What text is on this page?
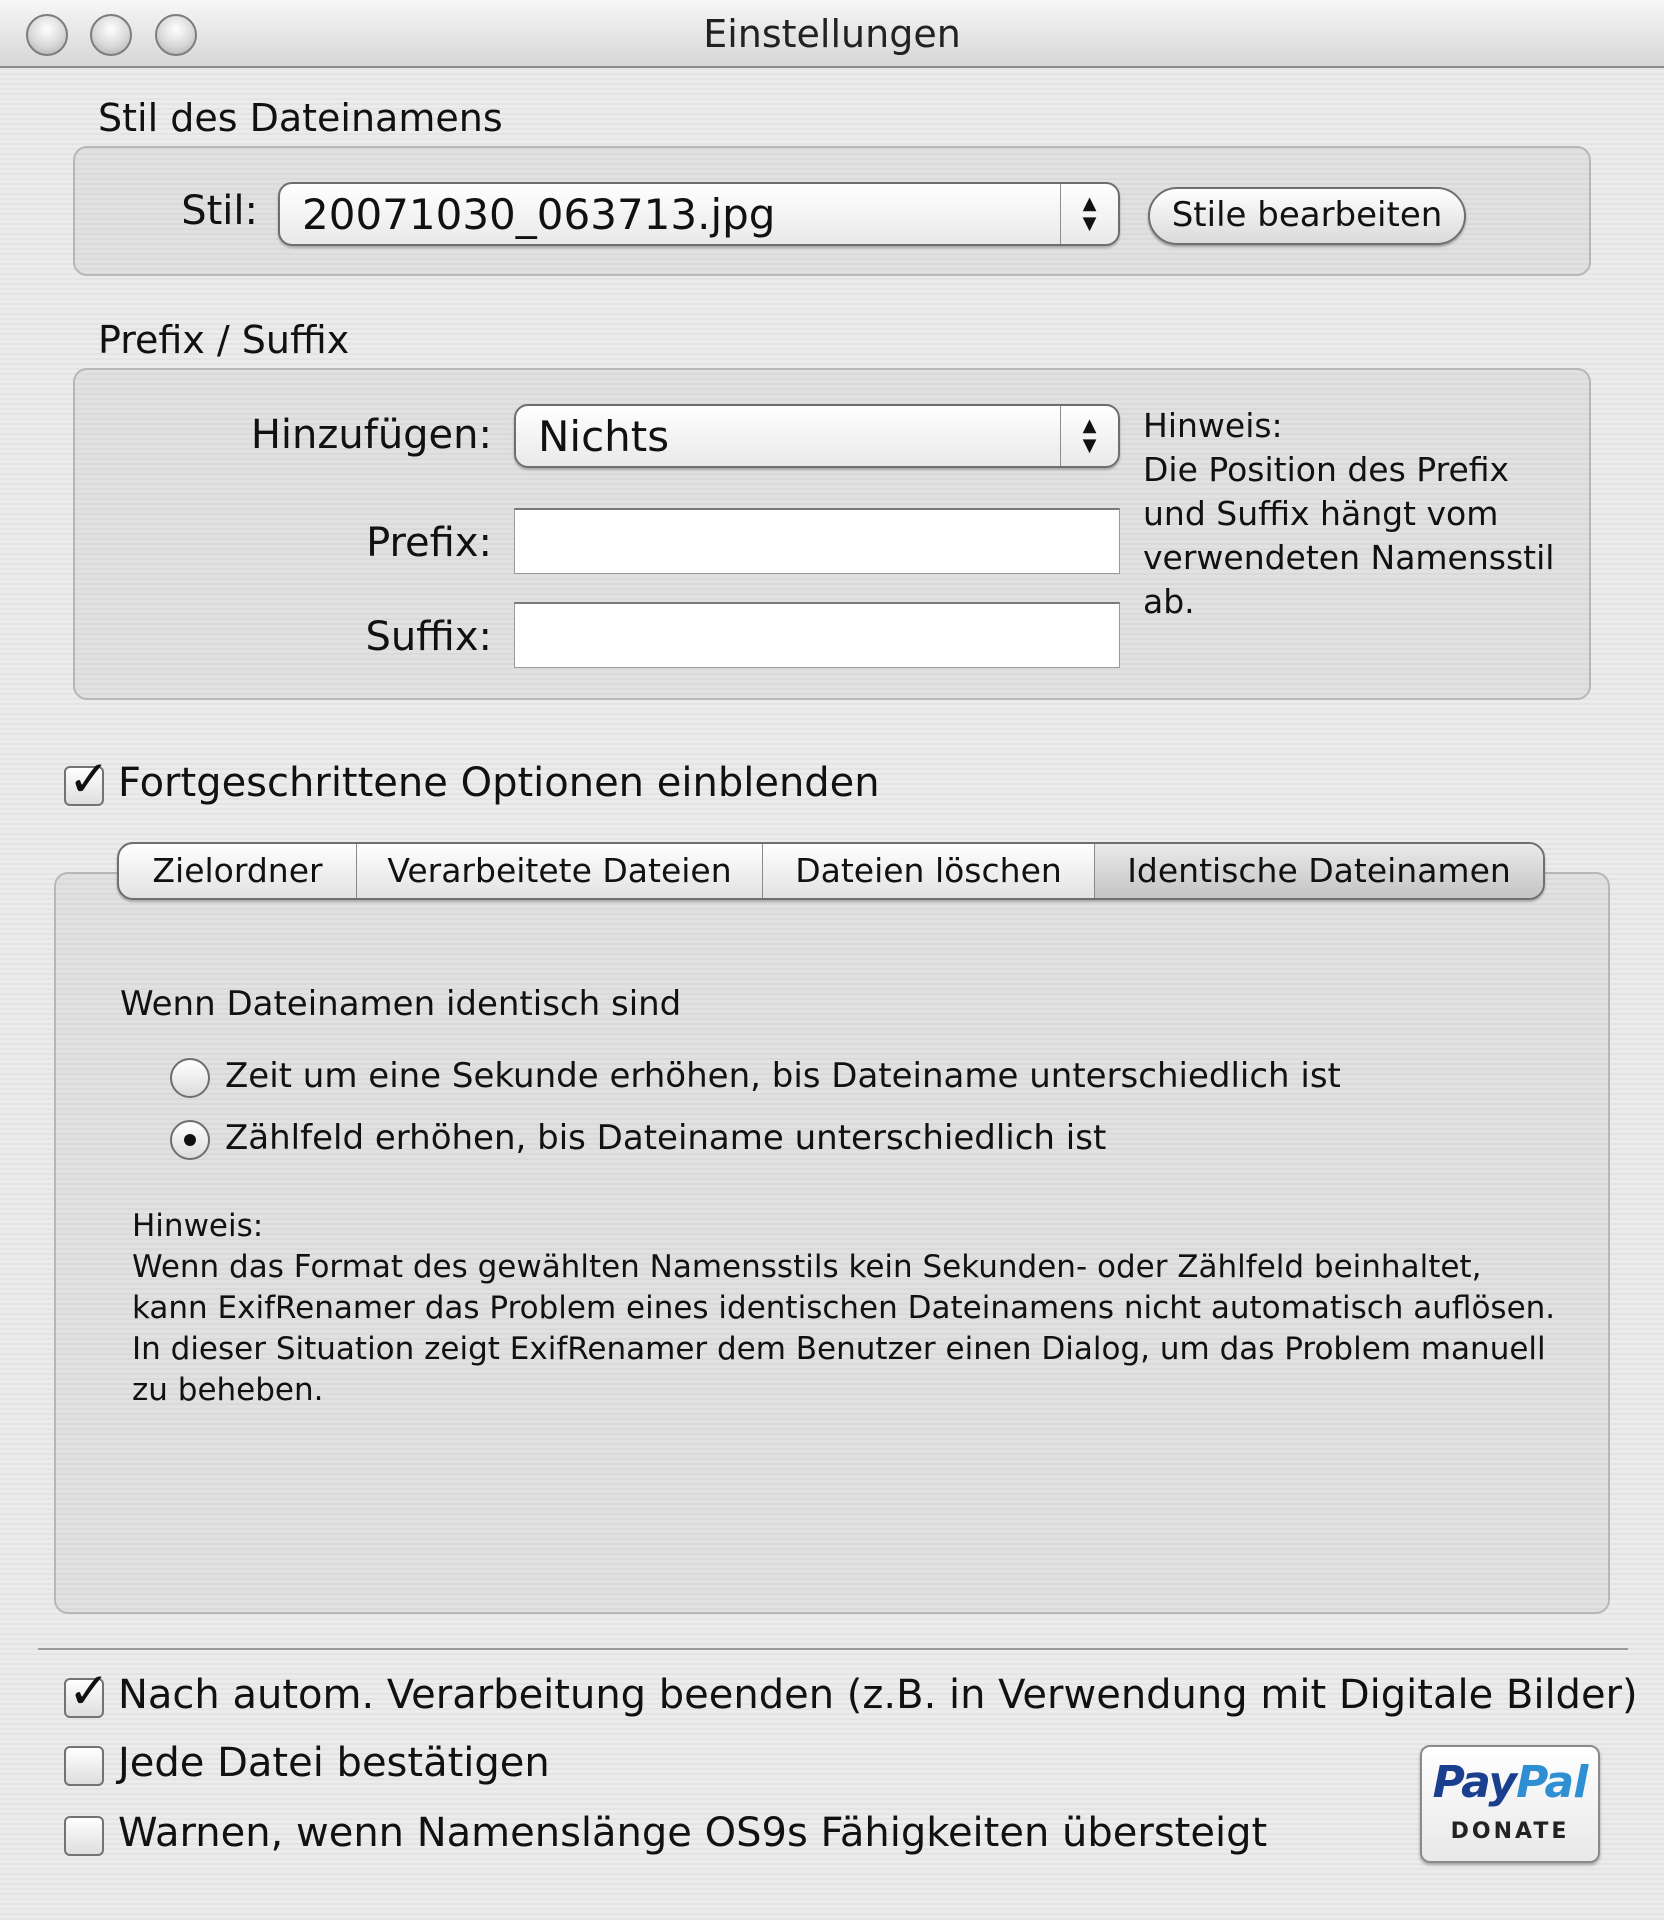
Einstellungen
Stil des Dateinamens
Stil: 20071030_063713.jpg	▲
▼	Stile bearbeiten
Prefix / Suffix
Hinzufügen: Nichts	▲
▼
Prefix:
Suffix:
Hinweis:
Die Position des Prefix
und Suffix hängt vom
verwendeten Namensstil
ab.
✓ Fortgeschrittene Optionen einblenden
Zielordner	Verarbeitete Dateien	Dateien löschen	Identische Dateinamen
Wenn Dateinamen identisch sind
Zeit um eine Sekunde erhöhen, bis Dateiname unterschiedlich ist
Zählfeld erhöhen, bis Dateiname unterschiedlich ist
Hinweis:
Wenn das Format des gewählten Namensstils kein Sekunden- oder Zählfeld beinhaltet,
kann ExifRenamer das Problem eines identischen Dateinamens nicht automatisch auflösen.
In dieser Situation zeigt ExifRenamer dem Benutzer einen Dialog, um das Problem manuell
zu beheben.
✓ Nach autom. Verarbeitung beenden (z.B. in Verwendung mit Digitale Bilder)
Jede Datei bestätigen
Warnen, wenn Namenslänge OS9s Fähigkeiten übersteigt
PayPal
DONATE
